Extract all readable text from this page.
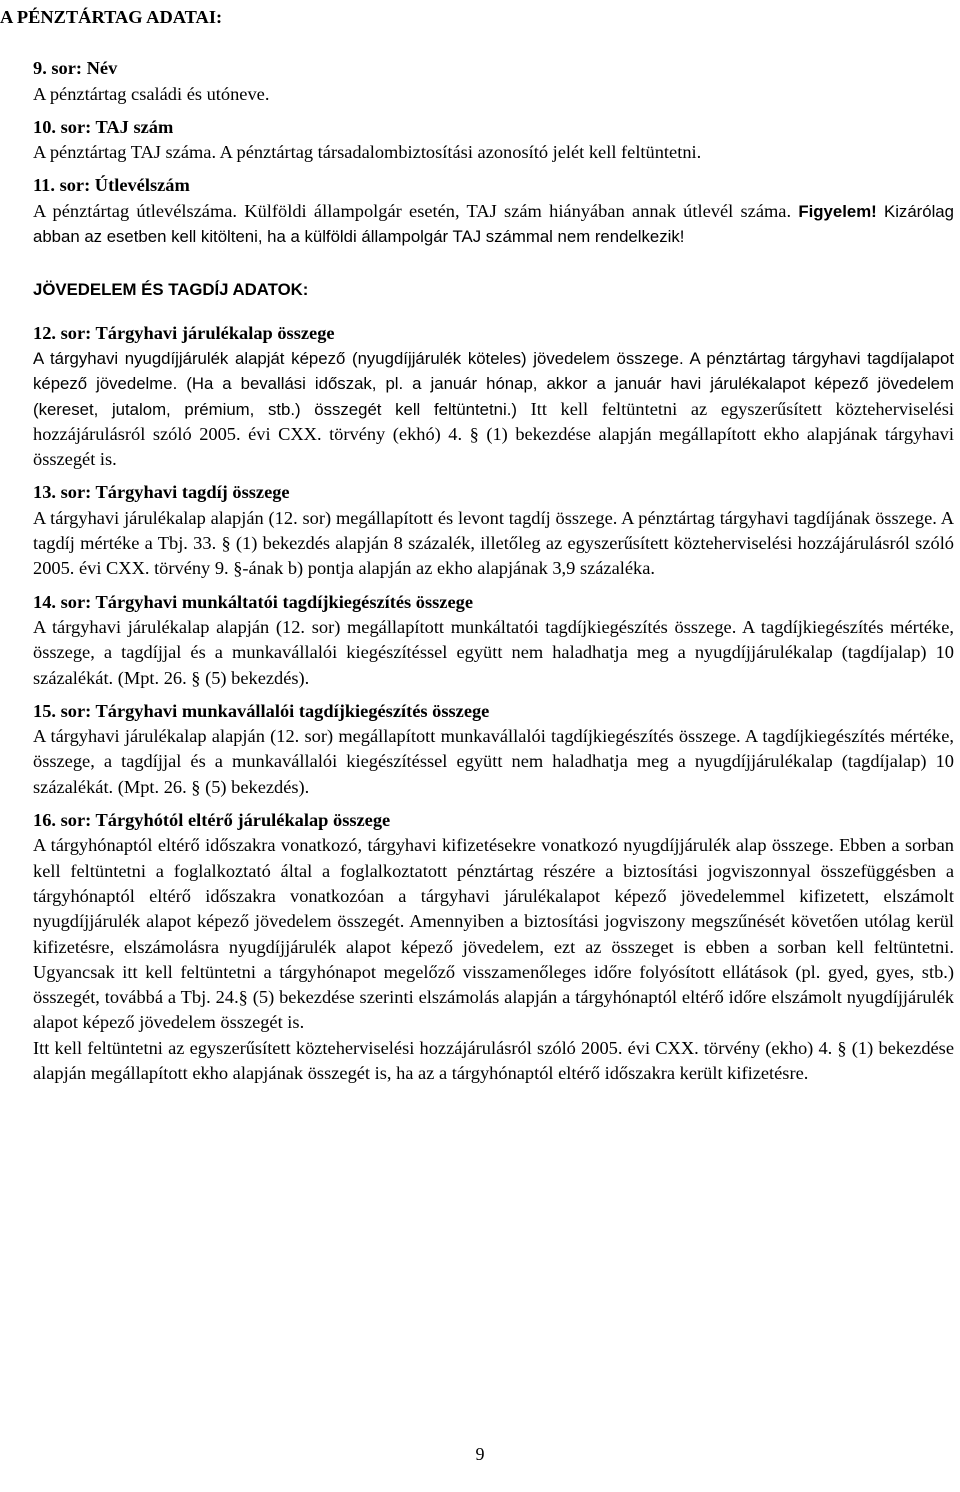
A PÉNZTÁRTAG ADATAI:
9. sor: Név
A pénztártag családi és utóneve.
10. sor: TAJ szám
A pénztártag TAJ száma. A pénztártag társadalombiztosítási azonosító jelét kell feltüntetni.
11. sor: Útlevélszám
A pénztártag útlevélszáma. Külföldi állampolgár esetén, TAJ szám hiányában annak útlevél száma. Figyelem! Kizárólag abban az esetben kell kitölteni, ha a külföldi állampolgár TAJ számmal nem rendelkezik!
JÖVEDELEM ÉS TAGDÍJ ADATOK:
12. sor: Tárgyhavi járulékalap összege
A tárgyhavi nyugdíjjárulék alapját képező (nyugdíjjárulék köteles) jövedelem összege. A pénztártag tárgyhavi tagdíjalapot képező jövedelme. (Ha a bevallási időszak, pl. a január hónap, akkor a január havi járulékalapot képező jövedelem (kereset, jutalom, prémium, stb.) összegét kell feltüntetni.) Itt kell feltüntetni az egyszerűsített közteherviselési hozzájárulásról szóló 2005. évi CXX. törvény (ekhó) 4. § (1) bekezdése alapján megállapított ekho alapjának tárgyhavi összegét is.
13. sor: Tárgyhavi tagdíj összege
A tárgyhavi járulékalap alapján (12. sor) megállapított és levont tagdíj összege. A pénztártag tárgyhavi tagdíjának összege. A tagdíj mértéke a Tbj. 33. § (1) bekezdés alapján 8 százalék, illetőleg az egyszerűsített közteherviselési hozzájárulásról szóló 2005. évi CXX. törvény 9. §-ának b) pontja alapján az ekho alapjának 3,9 százaléka.
14. sor: Tárgyhavi munkáltatói tagdíjkiegészítés összege
A tárgyhavi járulékalap alapján (12. sor) megállapított munkáltatói tagdíjkiegészítés összege. A tagdíjkiegészítés mértéke, összege, a tagdíjjal és a munkavállalói kiegészítéssel együtt nem haladhatja meg a nyugdíjjárulékalap (tagdíjalap) 10 százalékát. (Mpt. 26. § (5) bekezdés).
15. sor: Tárgyhavi munkavállalói tagdíjkiegészítés összege
A tárgyhavi járulékalap alapján (12. sor) megállapított munkavállalói tagdíjkiegészítés összege. A tagdíjkiegészítés mértéke, összege, a tagdíjjal és a munkavállalói kiegészítéssel együtt nem haladhatja meg a nyugdíjjárulékalap (tagdíjalap) 10 százalékát. (Mpt. 26. § (5) bekezdés).
16. sor: Tárgyhótól eltérő járulékalap összege
A tárgyhónaptól eltérő időszakra vonatkozó, tárgyhavi kifizetésekre vonatkozó nyugdíjjárulék alap összege. Ebben a sorban kell feltüntetni a foglalkoztató által a foglalkoztatott pénztártag részére a biztosítási jogviszonnyal összefüggésben a tárgyhónaptól eltérő időszakra vonatkozóan a tárgyhavi járulékalapot képező jövedelemmel kifizetett, elszámolt nyugdíjjárulék alapot képező jövedelem összegét. Amennyiben a biztosítási jogviszony megszűnését követően utólag kerül kifizetésre, elszámolásra nyugdíjjárulék alapot képező jövedelem, ezt az összeget is ebben a sorban kell feltüntetni. Ugyancsak itt kell feltüntetni a tárgyhónapot megelőző visszamenőleges időre folyósított ellátások (pl. gyed, gyes, stb.) összegét, továbbá a Tbj. 24.§ (5) bekezdése szerinti elszámolás alapján a tárgyhónaptól eltérő időre elszámolt nyugdíjjárulék alapot képező jövedelem összegét is.
Itt kell feltüntetni az egyszerűsített közteherviselési hozzájárulásról szóló 2005. évi CXX. törvény (ekho) 4. § (1) bekezdése alapján megállapított ekho alapjának összegét is, ha az a tárgyhónaptól eltérő időszakra került kifizetésre.
9
